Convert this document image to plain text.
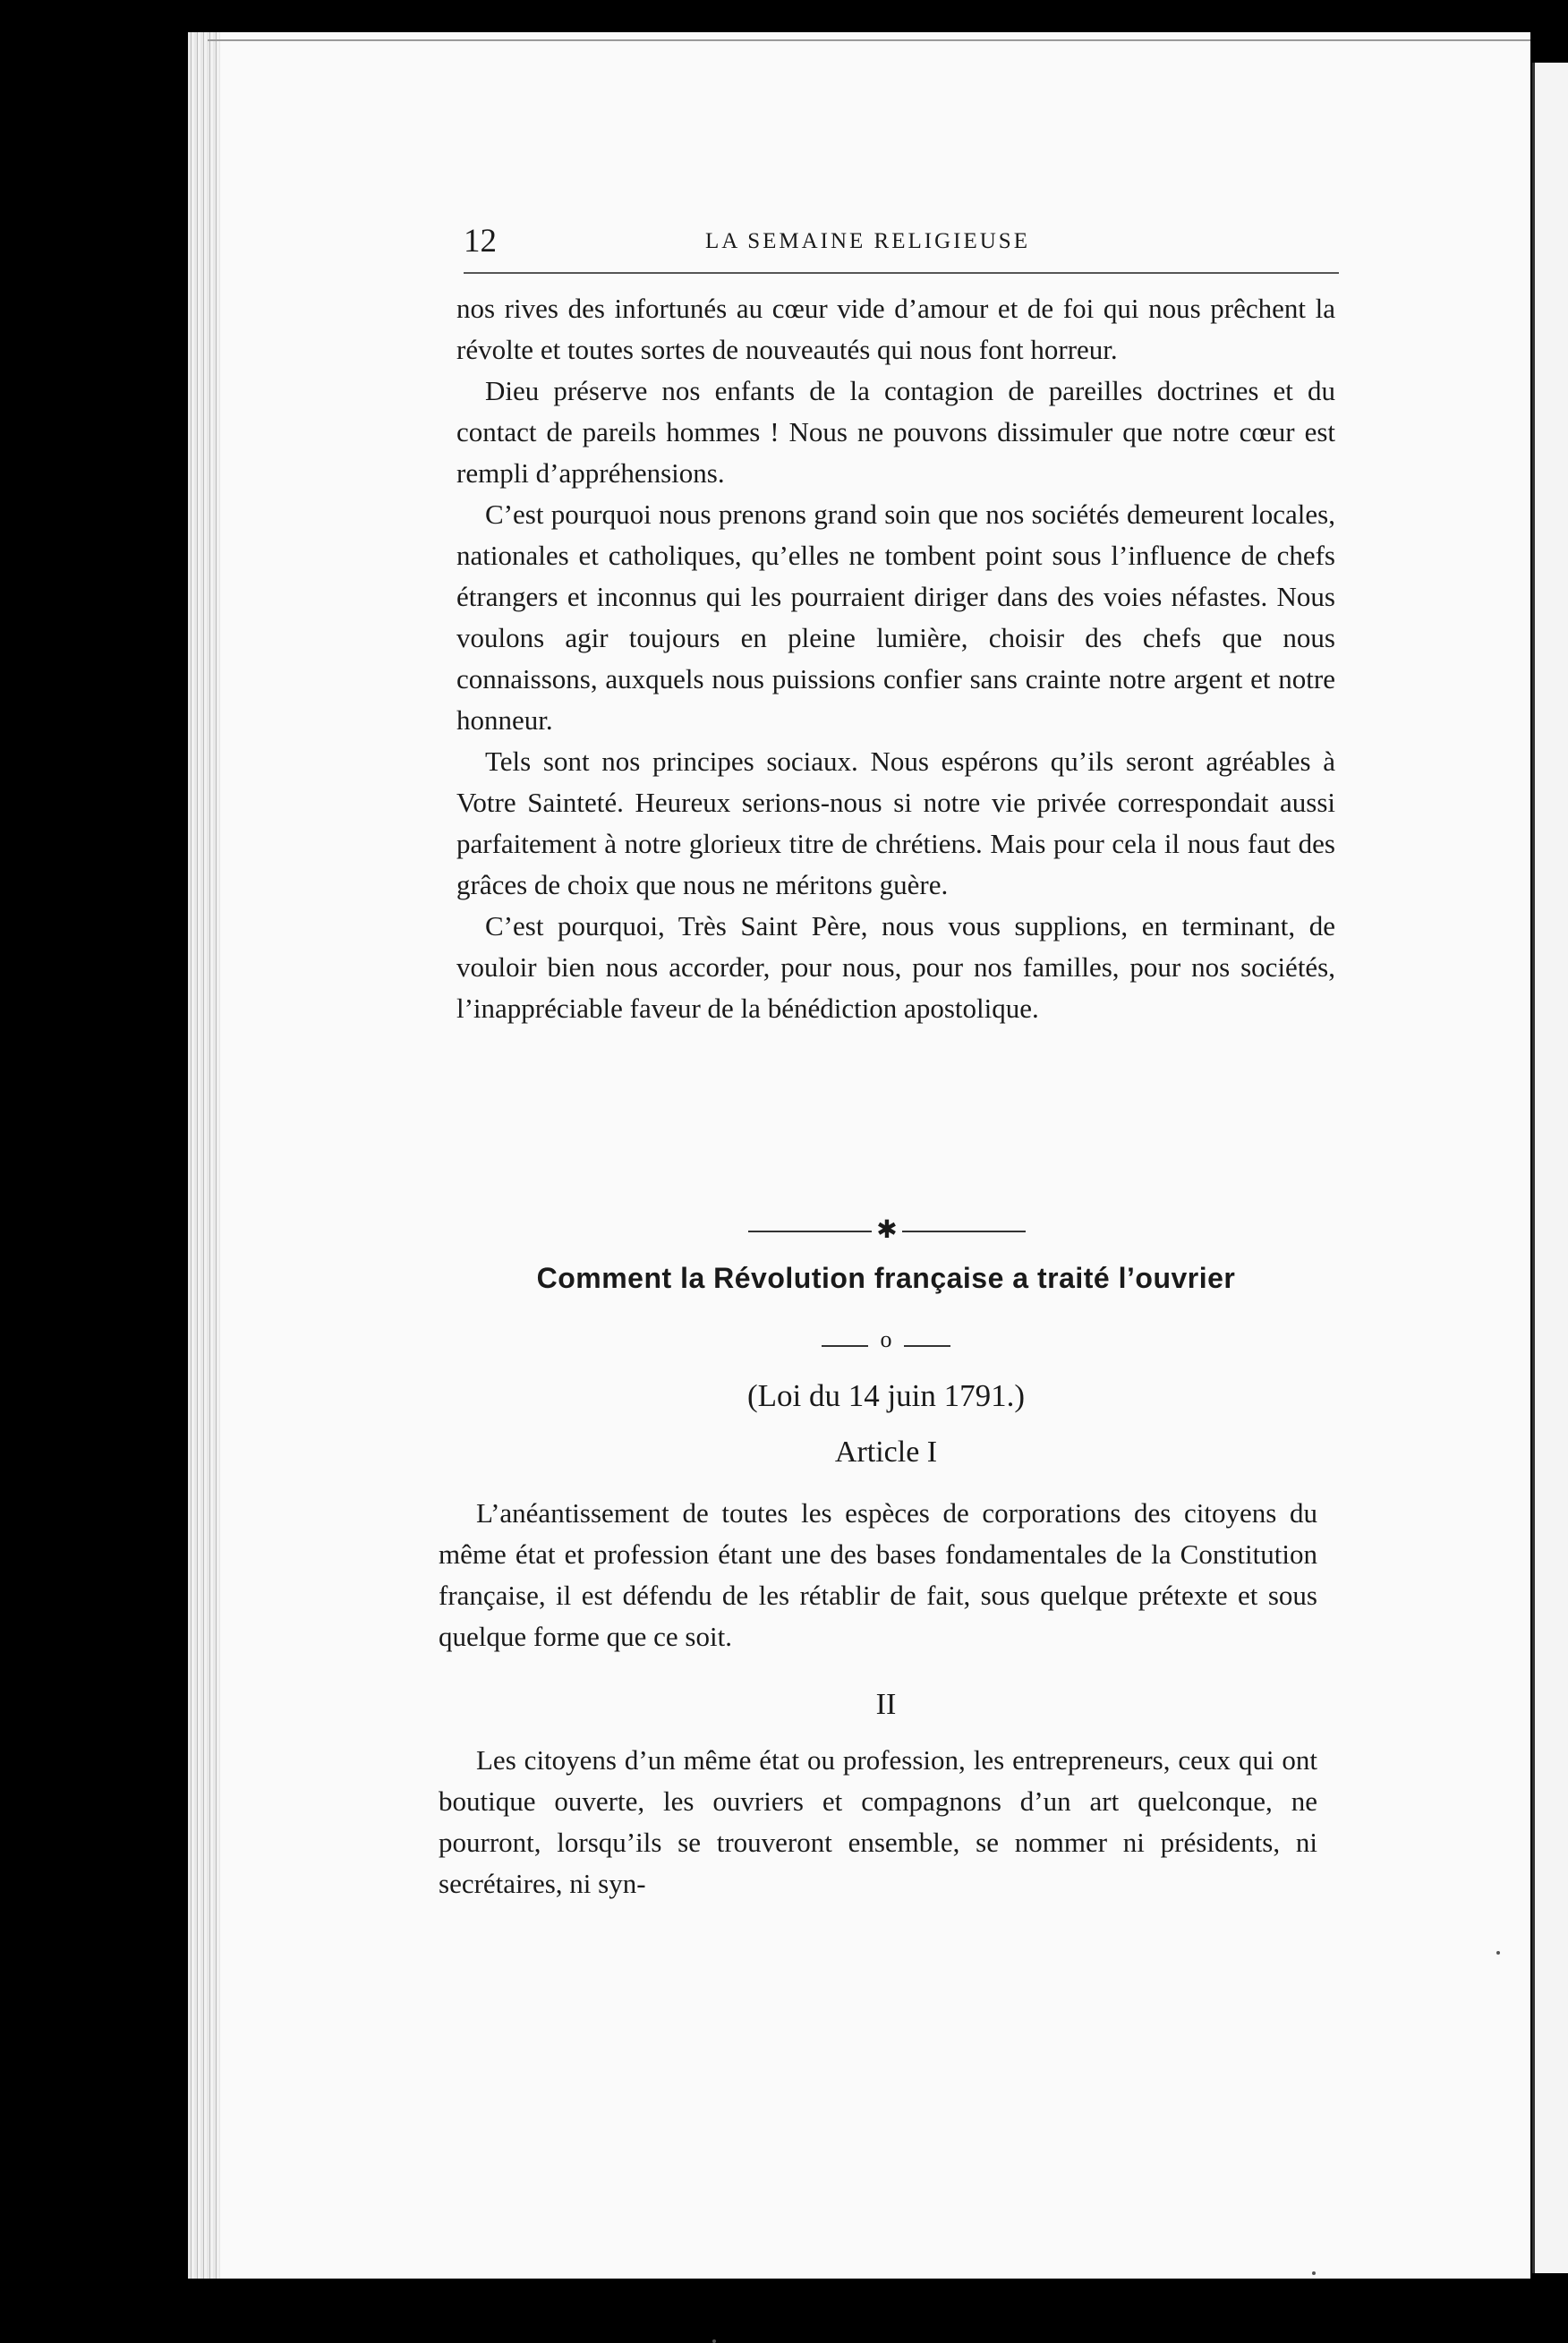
12	LA SEMAINE RELIGIEUSE

nos rives des infortunés au cœur vide d’amour et de foi qui nous prêchent la révolte et toutes sortes de nouveautés qui nous font horreur.

Dieu préserve nos enfants de la contagion de pareilles doctrines et du contact de pareils hommes ! Nous ne pouvons dissimuler que notre cœur est rempli d’appréhensions.

C’est pourquoi nous prenons grand soin que nos sociétés demeurent locales, nationales et catholiques, qu’elles ne tombent point sous l’influence de chefs étrangers et inconnus qui les pourraient diriger dans des voies néfastes. Nous voulons agir toujours en pleine lumière, choisir des chefs que nous connaissons, auxquels nous puissions confier sans crainte notre argent et notre honneur.

Tels sont nos principes sociaux. Nous espérons qu’ils seront agréables à Votre Sainteté. Heureux serions-nous si notre vie privée correspondait aussi parfaitement à notre glorieux titre de chrétiens. Mais pour cela il nous faut des grâces de choix que nous ne méritons guère.

C’est pourquoi, Très Saint Père, nous vous supplions, en terminant, de vouloir bien nous accorder, pour nous, pour nos familles, pour nos sociétés, l’inappréciable faveur de la bénédiction apostolique.

✱
Comment la Révolution française a traité l’ouvrier
o
(Loi du 14 juin 1791.)
Article I

L’anéantissement de toutes les espèces de corporations des citoyens du même état et profession étant une des bases fondamentales de la Constitution française, il est défendu de les rétablir de fait, sous quelque prétexte et sous quelque forme que ce soit.

II

Les citoyens d’un même état ou profession, les entrepreneurs, ceux qui ont boutique ouverte, les ouvriers et compagnons d’un art quelconque, ne pourront, lorsqu’ils se trouveront ensemble, se nommer ni présidents, ni secrétaires, ni syn-
